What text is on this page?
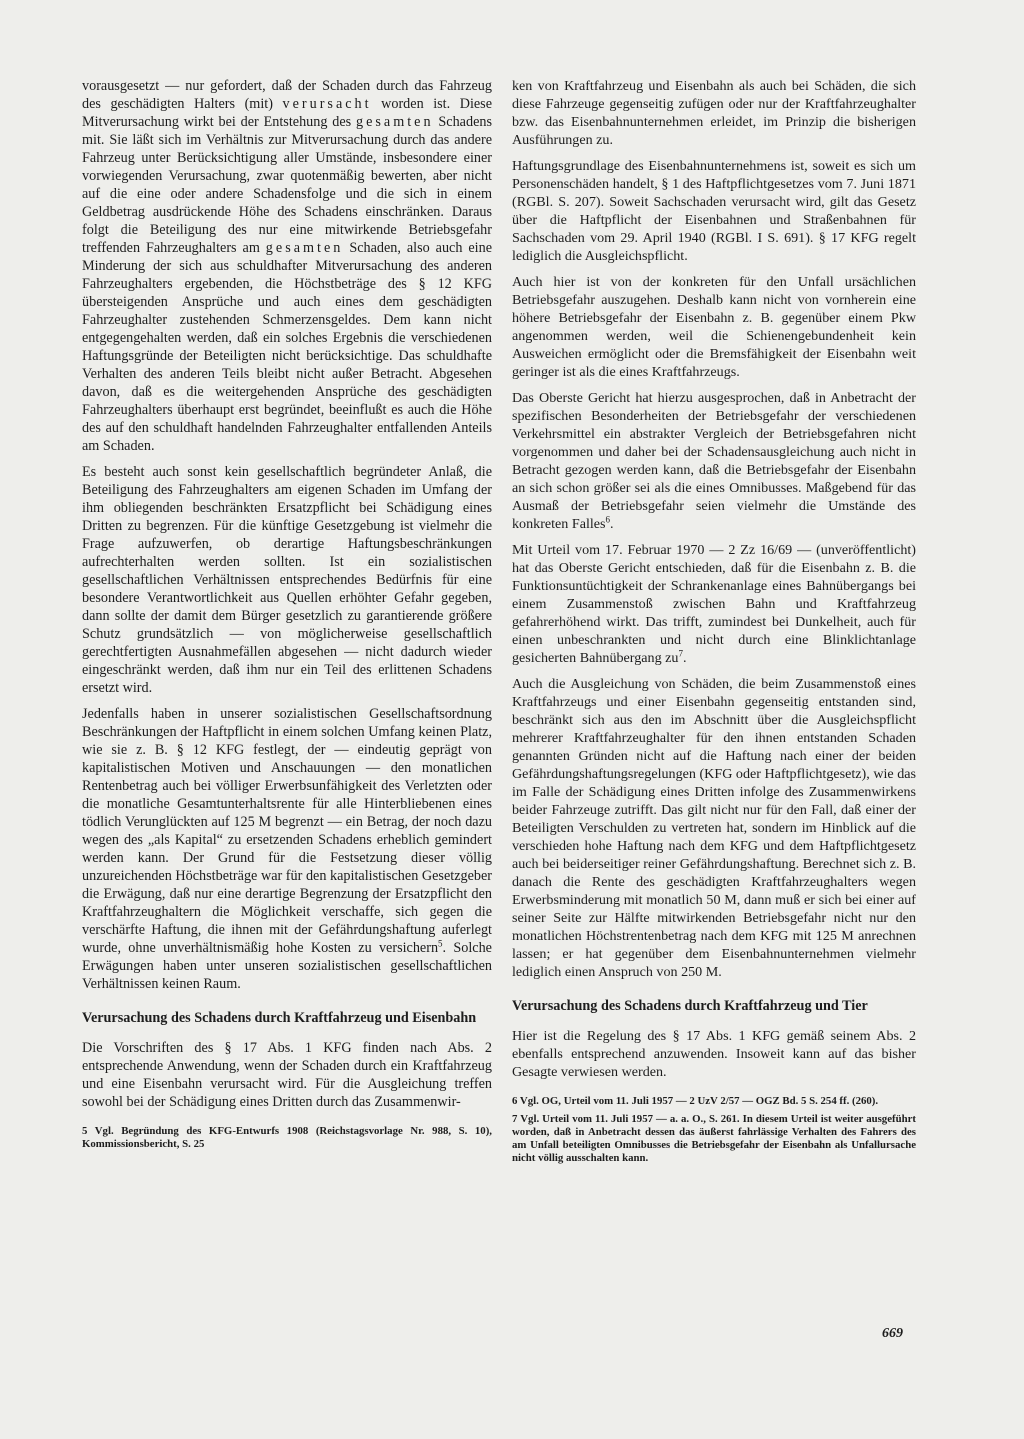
vorausgesetzt — nur gefordert, daß der Schaden durch das Fahrzeug des geschädigten Halters (mit) verursacht worden ist. Diese Mitverursachung wirkt bei der Entstehung des gesamten Schadens mit. Sie läßt sich im Verhältnis zur Mitverursachung durch das andere Fahrzeug unter Berücksichtigung aller Umstände, insbesondere einer vorwiegenden Verursachung, zwar quotenmäßig bewerten, aber nicht auf die eine oder andere Schadensfolge und die sich in einem Geldbetrag ausdrückende Höhe des Schadens einschränken. Daraus folgt die Beteiligung des nur eine mitwirkende Betriebsgefahr treffenden Fahrzeughalters am gesamten Schaden, also auch eine Minderung der sich aus schuldhafter Mitverursachung des anderen Fahrzeughalters ergebenden, die Höchstbeträge des § 12 KFG übersteigenden Ansprüche und auch eines dem geschädigten Fahrzeughalter zustehenden Schmerzensgeldes. Dem kann nicht entgegengehalten werden, daß ein solches Ergebnis die verschiedenen Haftungsgründe der Beteiligten nicht berücksichtige. Das schuldhafte Verhalten des anderen Teils bleibt nicht außer Betracht. Abgesehen davon, daß es die weitergehenden Ansprüche des geschädigten Fahrzeughalters überhaupt erst begründet, beeinflußt es auch die Höhe des auf den schuldhaft handelnden Fahrzeughalter entfallenden Anteils am Schaden.

Es besteht auch sonst kein gesellschaftlich begründeter Anlaß, die Beteiligung des Fahrzeughalters am eigenen Schaden im Umfang der ihm obliegenden beschränkten Ersatzpflicht bei Schädigung eines Dritten zu begrenzen. Für die künftige Gesetzgebung ist vielmehr die Frage aufzuwerfen, ob derartige Haftungsbeschränkungen aufrechterhalten werden sollten. Ist ein sozialistischen gesellschaftlichen Verhältnissen entsprechendes Bedürfnis für eine besondere Verantwortlichkeit aus Quellen erhöhter Gefahr gegeben, dann sollte der damit dem Bürger gesetzlich zu garantierende größere Schutz grundsätzlich — von möglicherweise gesellschaftlich gerechtfertigten Ausnahmefällen abgesehen — nicht dadurch wieder eingeschränkt werden, daß ihm nur ein Teil des erlittenen Schadens ersetzt wird.

Jedenfalls haben in unserer sozialistischen Gesellschaftsordnung Beschränkungen der Haftpflicht in einem solchen Umfang keinen Platz, wie sie z. B. § 12 KFG festlegt, der — eindeutig geprägt von kapitalistischen Motiven und Anschauungen — den monatlichen Rentenbetrag auch bei völliger Erwerbsunfähigkeit des Verletzten oder die monatliche Gesamtunterhaltsrente für alle Hinterbliebenen eines tödlich Verunglückten auf 125 M begrenzt — ein Betrag, der noch dazu wegen des „als Kapital“ zu ersetzenden Schadens erheblich gemindert werden kann. Der Grund für die Festsetzung dieser völlig unzureichenden Höchstbeträge war für den kapitalistischen Gesetzgeber die Erwägung, daß nur eine derartige Begrenzung der Ersatzpflicht den Kraftfahrzeughaltern die Möglichkeit verschaffe, sich gegen die verschärfte Haftung, die ihnen mit der Gefährdungshaftung auferlegt wurde, ohne unverhältnismäßig hohe Kosten zu versichern$^5$. Solche Erwägungen haben unter unseren sozialistischen gesellschaftlichen Verhältnissen keinen Raum.

Verursachung des Schadens durch Kraftfahrzeug und Eisenbahn

Die Vorschriften des § 17 Abs. 1 KFG finden nach Abs. 2 entsprechende Anwendung, wenn der Schaden durch ein Kraftfahrzeug und eine Eisenbahn verursacht wird. Für die Ausgleichung treffen sowohl bei der Schädigung eines Dritten durch das Zusammenwir-

5 Vgl. Begründung des KFG-Entwurfs 1908 (Reichstagsvorlage Nr. 988, S. 10), Kommissionsbericht, S. 25

ken von Kraftfahrzeug und Eisenbahn als auch bei Schäden, die sich diese Fahrzeuge gegenseitig zufügen oder nur der Kraftfahrzeughalter bzw. das Eisenbahnunternehmen erleidet, im Prinzip die bisherigen Ausführungen zu.

Haftungsgrundlage des Eisenbahnunternehmens ist, soweit es sich um Personenschäden handelt, § 1 des Haftpflichtgesetzes vom 7. Juni 1871 (RGBl. S. 207). Soweit Sachschaden verursacht wird, gilt das Gesetz über die Haftpflicht der Eisenbahnen und Straßenbahnen für Sachschaden vom 29. April 1940 (RGBl. I S. 691). § 17 KFG regelt lediglich die Ausgleichspflicht.

Auch hier ist von der konkreten für den Unfall ursächlichen Betriebsgefahr auszugehen. Deshalb kann nicht von vornherein eine höhere Betriebsgefahr der Eisenbahn z. B. gegenüber einem Pkw angenommen werden, weil die Schienengebundenheit kein Ausweichen ermöglicht oder die Bremsfähigkeit der Eisenbahn weit geringer ist als die eines Kraftfahrzeugs.

Das Oberste Gericht hat hierzu ausgesprochen, daß in Anbetracht der spezifischen Besonderheiten der Betriebsgefahr der verschiedenen Verkehrsmittel ein abstrakter Vergleich der Betriebsgefahren nicht vorgenommen und daher bei der Schadensausgleichung auch nicht in Betracht gezogen werden kann, daß die Betriebsgefahr der Eisenbahn an sich schon größer sei als die eines Omnibusses. Maßgebend für das Ausmaß der Betriebsgefahr seien vielmehr die Umstände des konkreten Falles$^6$.

Mit Urteil vom 17. Februar 1970 — 2 Zz 16/69 — (unveröffentlicht) hat das Oberste Gericht entschieden, daß für die Eisenbahn z. B. die Funktionsuntüchtigkeit der Schrankenanlage eines Bahnübergangs bei einem Zusammenstoß zwischen Bahn und Kraftfahrzeug gefahrerhöhend wirkt. Das trifft, zumindest bei Dunkelheit, auch für einen unbeschrankten und nicht durch eine Blinklichtanlage gesicherten Bahnübergang $zu^7$.

Auch die Ausgleichung von Schäden, die beim Zusammenstoß eines Kraftfahrzeugs und einer Eisenbahn gegenseitig entstanden sind, beschränkt sich aus den im Abschnitt über die Ausgleichspflicht mehrerer Kraftfahrzeughalter für den ihnen entstanden Schaden genannten Gründen nicht auf die Haftung nach einer der beiden Gefährdungshaftungsregelungen (KFG oder Haftpflichtgesetz), wie das im Falle der Schädigung eines Dritten infolge des Zusammenwirkens beider Fahrzeuge zutrifft. Das gilt nicht nur für den Fall, daß einer der Beteiligten Verschulden zu vertreten hat, sondern im Hinblick auf die verschieden hohe Haftung nach dem KFG und dem Haftpflichtgesetz auch bei beiderseitiger reiner Gefährdungshaftung. Berechnet sich z. B. danach die Rente des geschädigten Kraftfahrzeughalters wegen Erwerbsminderung mit monatlich 50 M, dann muß er sich bei einer auf seiner Seite zur Hälfte mitwirkenden Betriebsgefahr nicht nur den monatlichen Höchstrentenbetrag nach dem KFG mit 125 M anrechnen lassen; er hat gegenüber dem Eisenbahnunternehmen vielmehr lediglich einen Anspruch von 250 M.

Verursachung des Schadens durch Kraftfahrzeug und Tier

Hier ist die Regelung des § 17 Abs. 1 KFG gemäß seinem Abs. 2 ebenfalls entsprechend anzuwenden. Insoweit kann auf das bisher Gesagte verwiesen werden.

6 Vgl. OG, Urteil vom 11. Juli 1957 — 2 UzV 2/57 — OGZ Bd. 5 S. 254 ff. (260).

7 Vgl. Urteil vom 11. Juli 1957 — a. a. O., S. 261. In diesem Urteil ist weiter ausgeführt worden, daß in Anbetracht dessen das äußerst fahrlässige Verhalten des Fahrers des am Unfall beteiligten Omnibusses die Betriebsgefahr der Eisenbahn als Unfallursache nicht völlig ausschalten kann.

669
